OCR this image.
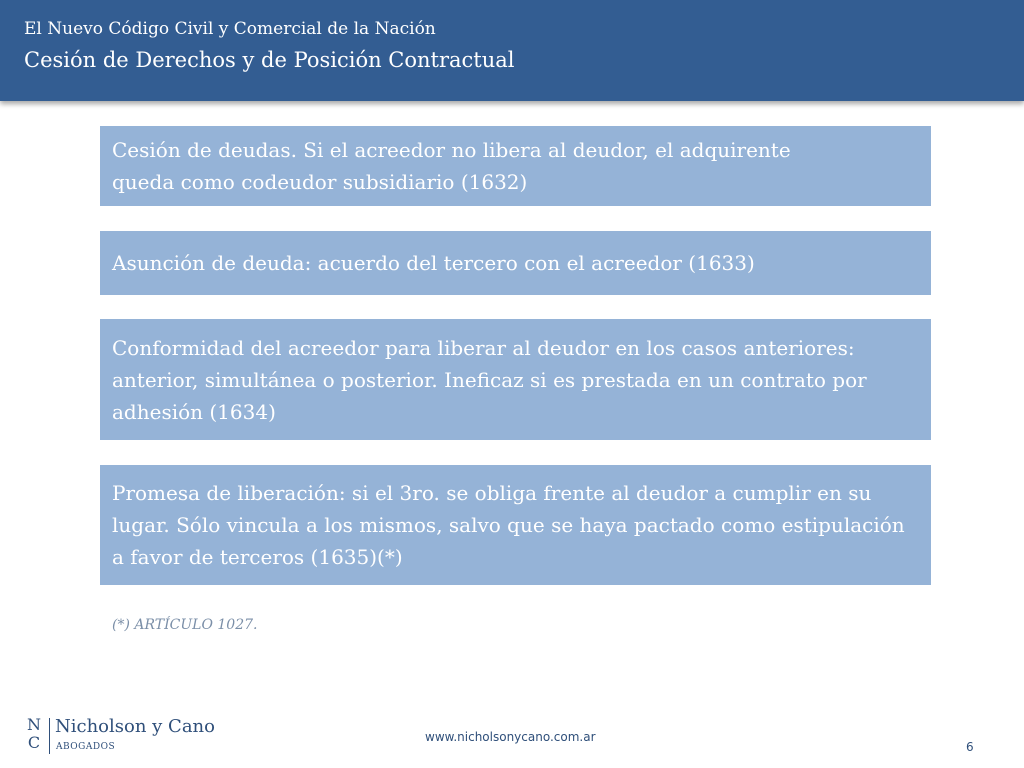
El Nuevo Código Civil y Comercial de la Nación
Cesión de Derechos y de Posición Contractual
Cesión de deudas. Si el acreedor no libera al deudor, el adquirente queda como codeudor subsidiario (1632)
Asunción de deuda: acuerdo del tercero con el acreedor (1633)
Conformidad del acreedor para liberar al deudor en los casos anteriores: anterior, simultánea o posterior. Ineficaz si es prestada en un contrato por adhesión (1634)
Promesa de liberación: si el 3ro. se obliga frente al deudor a cumplir en su lugar. Sólo vincula a los mismos, salvo que se haya pactado como estipulación a favor de terceros (1635)(*)
(*) ARTÍCULO 1027.
N
C
Nicholson y Cano
ABOGADOS
www.nicholsonycano.com.ar
6
